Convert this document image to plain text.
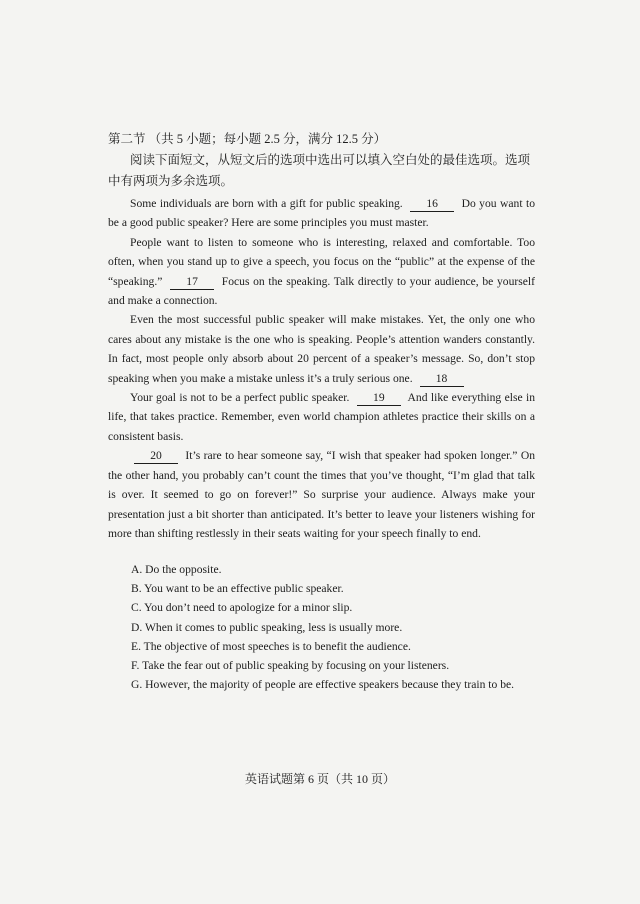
第二节 （共 5 小题；每小题 2.5 分，满分 12.5 分）
阅读下面短文，从短文后的选项中选出可以填入空白处的最佳选项。选项中有两项为多余选项。

Some individuals are born with a gift for public speaking. 16 Do you want to be a good public speaker? Here are some principles you must master.

People want to listen to someone who is interesting, relaxed and comfortable. Too often, when you stand up to give a speech, you focus on the “public” at the expense of the “speaking.” 17 Focus on the speaking. Talk directly to your audience, be yourself and make a connection.

Even the most successful public speaker will make mistakes. Yet, the only one who cares about any mistake is the one who is speaking. People’s attention wanders constantly. In fact, most people only absorb about 20 percent of a speaker’s message. So, don’t stop speaking when you make a mistake unless it’s a truly serious one. 18

Your goal is not to be a perfect public speaker. 19 And like everything else in life, that takes practice. Remember, even world champion athletes practice their skills on a consistent basis.

20 It’s rare to hear someone say, “I wish that speaker had spoken longer.” On the other hand, you probably can’t count the times that you’ve thought, “I’m glad that talk is over. It seemed to go on forever!” So surprise your audience. Always make your presentation just a bit shorter than anticipated. It’s better to leave your listeners wishing for more than shifting restlessly in their seats waiting for your speech finally to end.

A. Do the opposite.
B. You want to be an effective public speaker.
C. You don’t need to apologize for a minor slip.
D. When it comes to public speaking, less is usually more.
E. The objective of most speeches is to benefit the audience.
F. Take the fear out of public speaking by focusing on your listeners.
G. However, the majority of people are effective speakers because they train to be.
英语试题第 6 页（共 10 页）
